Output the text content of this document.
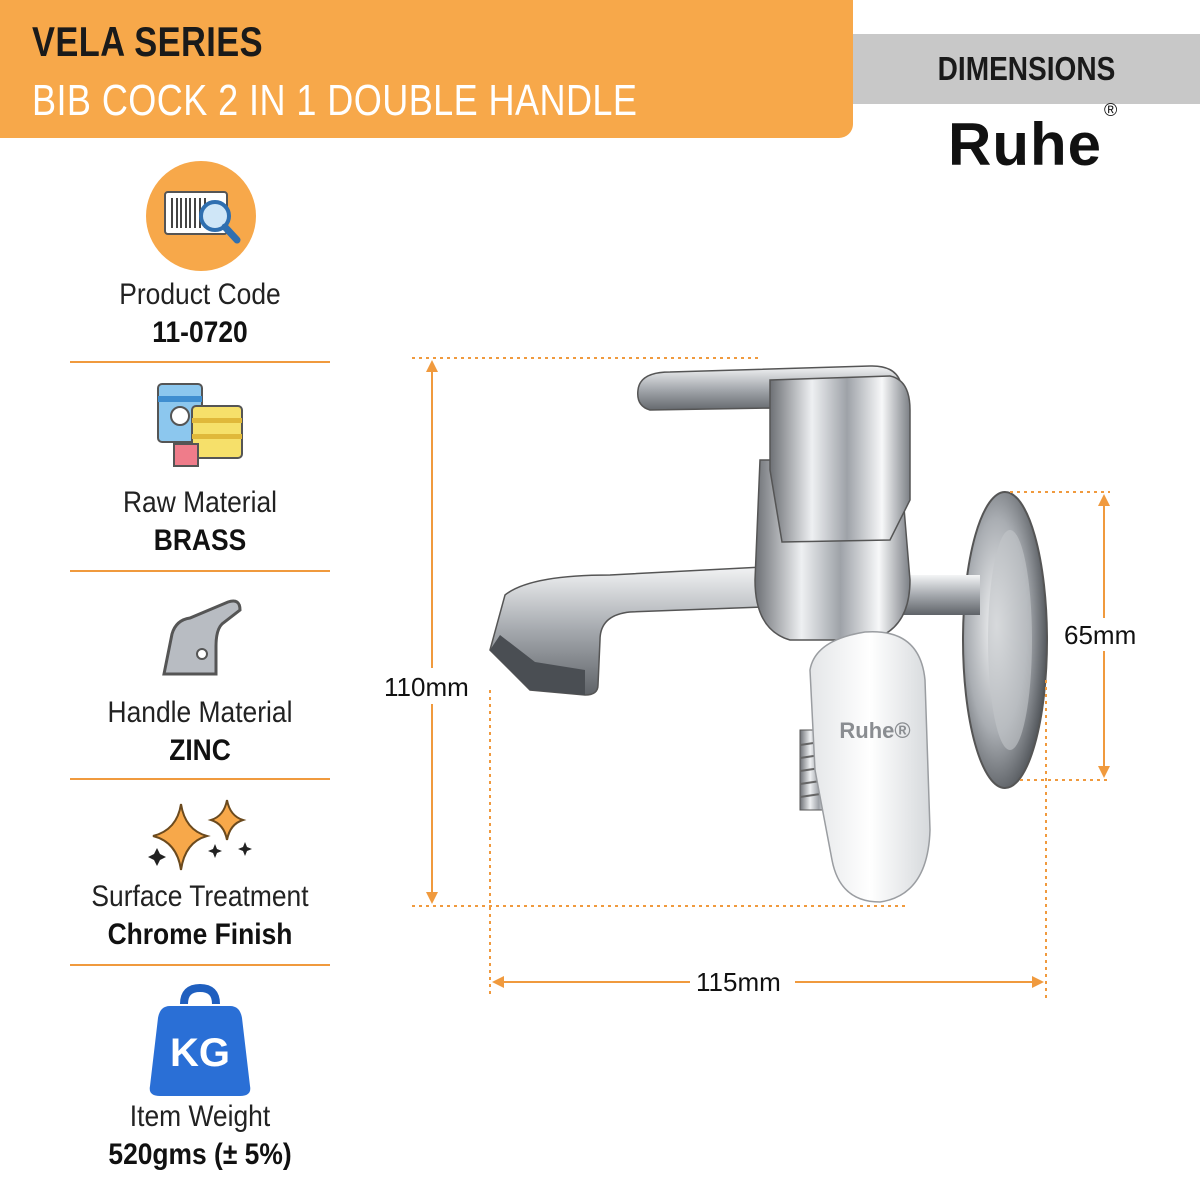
VELA SERIES
BIB COCK 2 IN 1 DOUBLE HANDLE
DIMENSIONS
Ruhe®
Product Code
11-0720
Raw Material
BRASS
Handle Material
ZINC
Surface Treatment
Chrome Finish
KG
Item Weight
520gms (± 5%)
Ruhe®
110mm
65mm
115mm
